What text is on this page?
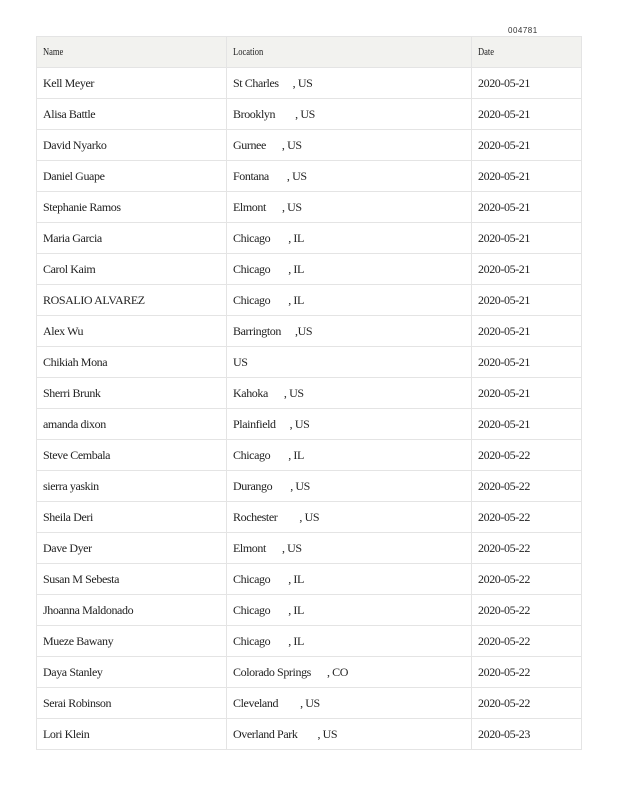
004781
Name	Location	Date
Kell Meyer	St Charles , US	2020-05-21
Alisa Battle	Brooklyn , US	2020-05-21
David Nyarko	Gurnee , US	2020-05-21
Daniel Guape	Fontana , US	2020-05-21
Stephanie Ramos	Elmont , US	2020-05-21
Maria Garcia	Chicago , IL	2020-05-21
Carol Kaim	Chicago , IL	2020-05-21
ROSALIO ALVAREZ	Chicago , IL	2020-05-21
Alex Wu	Barrington ,US	2020-05-21
Chikiah Mona	US	2020-05-21
Sherri Brunk	Kahoka , US	2020-05-21
amanda dixon	Plainfield , US	2020-05-21
Steve Cembala	Chicago , IL	2020-05-22
sierra yaskin	Durango , US	2020-05-22
Sheila Deri	Rochester , US	2020-05-22
Dave Dyer	Elmont , US	2020-05-22
Susan M Sebesta	Chicago , IL	2020-05-22
Jhoanna Maldonado	Chicago , IL	2020-05-22
Mueze Bawany	Chicago , IL	2020-05-22
Daya Stanley	Colorado Springs , CO	2020-05-22
Serai Robinson	Cleveland , US	2020-05-22
Lori Klein	Overland Park , US	2020-05-23
